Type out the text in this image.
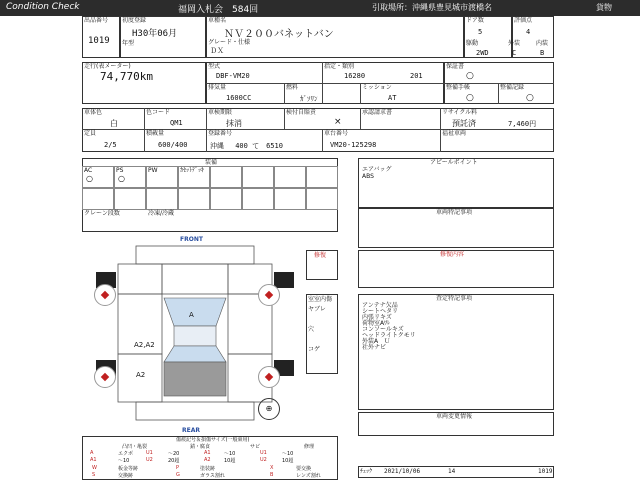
Condition Check	福岡入札会 584回	引取場所：沖縄県豊見城市渡橋名	貨物
出品番号
1019
初度登録
H30年06月
年型
車種名
ＮＶ２００バネットバン
グレード・仕様
ＤＸ
ドア数
5
駆動
2WD
評価点
4
外装
C
内装
B
走行(表メーター)
74,770km
型式
DBF-VM20
指定・類別
16280	201
排気量
1600CC
燃料
ｶﾞｿﾘﾝ
ミッション
AT
保証書
○
整備手帳
○
整備記録
○
車体色
白
色コード
QM1
車検期限
抹消
検付自賠責
×
承認請求書	リサイクル料
預託済	7,460円
定員
2/5
積載量
600/400
登録番号
沖縄　 400 て　6510
車台番号
VM20-125298
福祉車両
装備
AC	PS	PW	ｶｾｯﾄﾃﾞｯｷ
○	○
クレーン段数	冷凍/冷蔵
FRONT
REAR
A
A2,A2
A2
⊕
修復
室室内傷
ヤブレ
穴
コゲ
アピールポイント
エアバッグ
ABS
車両特記事項
修復内容
査定特記事項
アンテナ欠品
シートヘタリ
内張リキズ
荷物室Aﾜﾚ
コンソールキズ
ヘッドライトクモリ
外装A　Ｕ
社外ナビ
車両変更情報
傷痕記号＆損傷サイズ(一般乗用)
凸凹・亀裂	錆・腐食	サビ	修理
A	エクボ	U1	～20	A1	～10	U1	～10
A1	～10	U2	20超	A2	10超	U2	10超
W	板金等跡	P	塗装跡	X	要交換
S	交換跡	G	ガラス割れ	B	レンズ割れ
ﾁｪｯｸ 2021/10/06	14	1019
